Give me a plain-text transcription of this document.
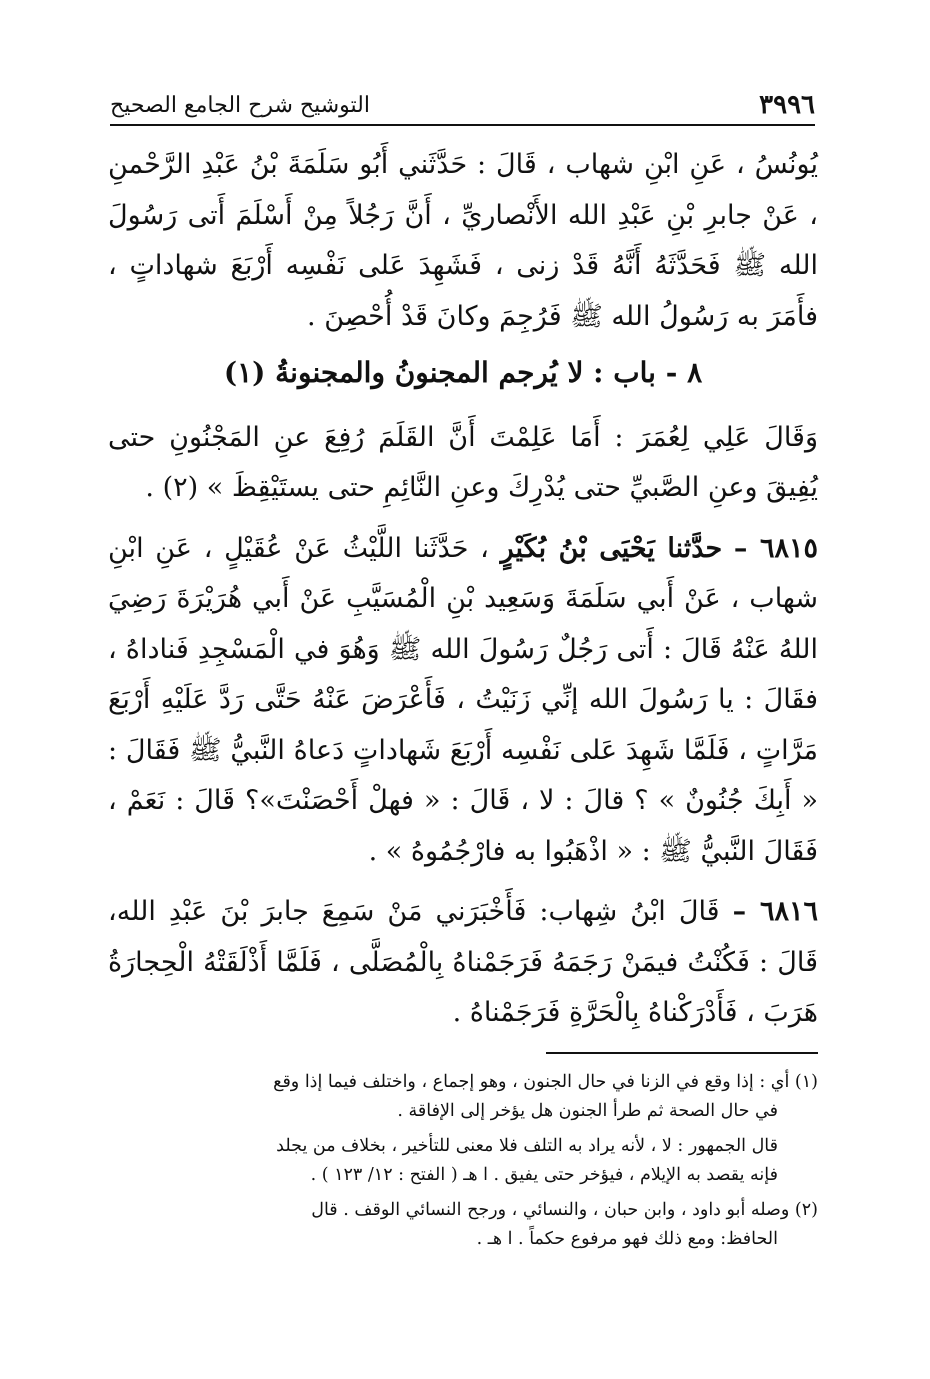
٣٩٩٦
التوشيح شرح الجامع الصحيح

يُونُسُ ، عَنِ ابْنِ شهاب ، قَالَ : حَدَّثَني أَبُو سَلَمَةَ بْنُ عَبْدِ الرَّحْمنِ ، عَنْ جابرِ بْنِ عَبْدِ الله الأَنْصاريِّ ، أَنَّ رَجُلاً مِنْ أَسْلَمَ أَتى رَسُولَ الله ﷺ فَحَدَّثَهُ أَنَّهُ قَدْ زنى ، فَشَهِدَ عَلى نَفْسِه أَرْبَعَ شهاداتٍ ، فأَمَرَ به رَسُولُ الله ﷺ فَرُجِمَ وكانَ قَدْ أُحْصِنَ .

٨ - باب : لا يُرجم المجنونُ والمجنونةُ (١)

وَقَالَ عَلِي لِعُمَرَ : أَمَا عَلِمْتَ أَنَّ القَلَمَ رُفِعَ عنِ المَجْنُونِ حتى يُفِيقَ وعنِ الصَّبيِّ حتى يُدْرِكَ وعنِ النَّائِمِ حتى يستَيْقِظَ » (٢) .

٦٨١٥ – حدَّثنا يَحْيَى بْنُ بُكَيْرٍ ، حَدَّثَنا اللَّيْثُ عَنْ عُقَيْلٍ ، عَنِ ابْنِ شهاب ، عَنْ أَبي سَلَمَةَ وَسَعِيد بْنِ الْمُسَيَّبِ عَنْ أَبي هُرَيْرَةَ رَضِيَ اللهُ عَنْهُ قَالَ : أَتى رَجُلٌ رَسُولَ الله ﷺ وَهُوَ في الْمَسْجِدِ فَناداهُ ، فقَالَ : يا رَسُولَ الله إنِّي زَنَيْتُ ، فَأَعْرَضَ عَنْهُ حَتَّى رَدَّ عَلَيْهِ أَرْبَعَ مَرَّاتٍ ، فَلَمَّا شَهِدَ عَلى نَفْسِه أَرْبَعَ شَهاداتٍ دَعاهُ النَّبيُّ ﷺ فَقَالَ : « أَبِكَ جُنُونٌ » ؟ قالَ : لا ، قَالَ : « فهلْ أَحْصَنْتَ»؟ قَالَ : نَعَمْ ، فَقَالَ النَّبيُّ ﷺ : « اذْهَبُوا به فارْجُمُوهُ » .

٦٨١٦ – قَالَ ابْنُ شِهاب: فَأَخْبَرَني مَنْ سَمِعَ جابرَ بْنَ عَبْدِ الله، قَالَ : فَكُنْتُ فيمَنْ رَجَمَهُ فَرَجَمْناهُ بِالْمُصَلَّى ، فَلَمَّا أَذْلَقَتْهُ الْحِجارَةُ هَرَبَ ، فَأَدْرَكْناهُ بِالْحَرَّةِ فَرَجَمْناهُ .

(١) أي : إذا وقع في الزنا في حال الجنون ، وهو إجماع ، واختلف فيما إذا وقع

في حال الصحة ثم طرأ الجنون هل يؤخر إلى الإفاقة .

قال الجمهور : لا ، لأنه يراد به التلف فلا معنى للتأخير ، بخلاف من يجلد

فإنه يقصد به الإيلام ، فيؤخر حتى يفيق . ا هـ ( الفتح : ١٢/ ١٢٣ ) .

(٢) وصله أبو داود ، وابن حبان ، والنسائي ، ورجح النسائي الوقف . قال

الحافظ: ومع ذلك فهو مرفوع حكماً . ا هـ .
